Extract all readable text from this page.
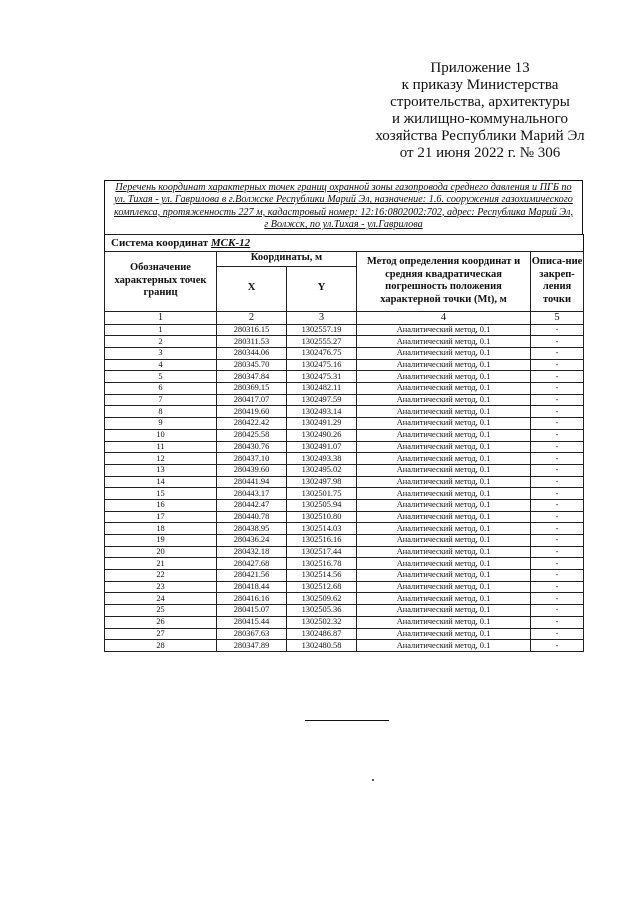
Приложение 13
к приказу Министерства
строительства, архитектуры
и жилищно-коммунального
хозяйства Республики Марий Эл
от 21 июня 2022 г. № 306
Перечень координат характерных точек границ охранной зоны газопровода среднего давления и ПГБ по ул. Тихая - ул. Гаврилова в г.Волжске Республики Марий Эл, назначение: 1.6. сооружения газохимического комплекса, протяженность 227 м, кадастровый номер: 12:16:0802002:702, адрес: Республика Марий Эл, г Волжск, по ул.Тихая - ул.Гаврилова
Система координат МСК-12				
Обозначение характерных точек границ	Координаты, м		Метод определения координат и средняя квадратическая погрешность положения характерной точки (Mt), м	Описа-ние закреп-ления точки
	X	Y		
1	2	3	4	5
1	280316.15	1302557.19	Аналитический метод, 0.1	-
2	280311.53	1302555.27	Аналитический метод, 0.1	-
3	280344.06	1302476.75	Аналитический метод, 0.1	-
4	280345.70	1302475.16	Аналитический метод, 0.1	-
5	280347.84	1302475.31	Аналитический метод, 0.1	-
6	280369.15	1302482.11	Аналитический метод, 0.1	-
7	280417.07	1302497.59	Аналитический метод, 0.1	-
8	280419.60	1302493.14	Аналитический метод, 0.1	-
9	280422.42	1302491.29	Аналитический метод, 0.1	-
10	280425.58	1302490.26	Аналитический метод, 0.1	-
11	280430.76	1302491.07	Аналитический метод, 0.1	-
12	280437.10	1302493.38	Аналитический метод, 0.1	-
13	280439.60	1302495.02	Аналитический метод, 0.1	-
14	280441.94	1302497.98	Аналитический метод, 0.1	-
15	280443.17	1302501.75	Аналитический метод, 0.1	-
16	280442.47	1302505.94	Аналитический метод, 0.1	-
17	280440.78	1302510.80	Аналитический метод, 0.1	-
18	280438.95	1302514.03	Аналитический метод, 0.1	-
19	280436.24	1302516.16	Аналитический метод, 0.1	-
20	280432.18	1302517.44	Аналитический метод, 0.1	-
21	280427.68	1302516.78	Аналитический метод, 0.1	-
22	280421.56	1302514.56	Аналитический метод, 0.1	-
23	280418.44	1302512.68	Аналитический метод, 0.1	-
24	280416.16	1302509.62	Аналитический метод, 0.1	-
25	280415.07	1302505.36	Аналитический метод, 0.1	-
26	280415.44	1302502.32	Аналитический метод, 0.1	-
27	280367.63	1302486.87	Аналитический метод, 0.1	-
28	280347.89	1302480.58	Аналитический метод, 0.1	-
